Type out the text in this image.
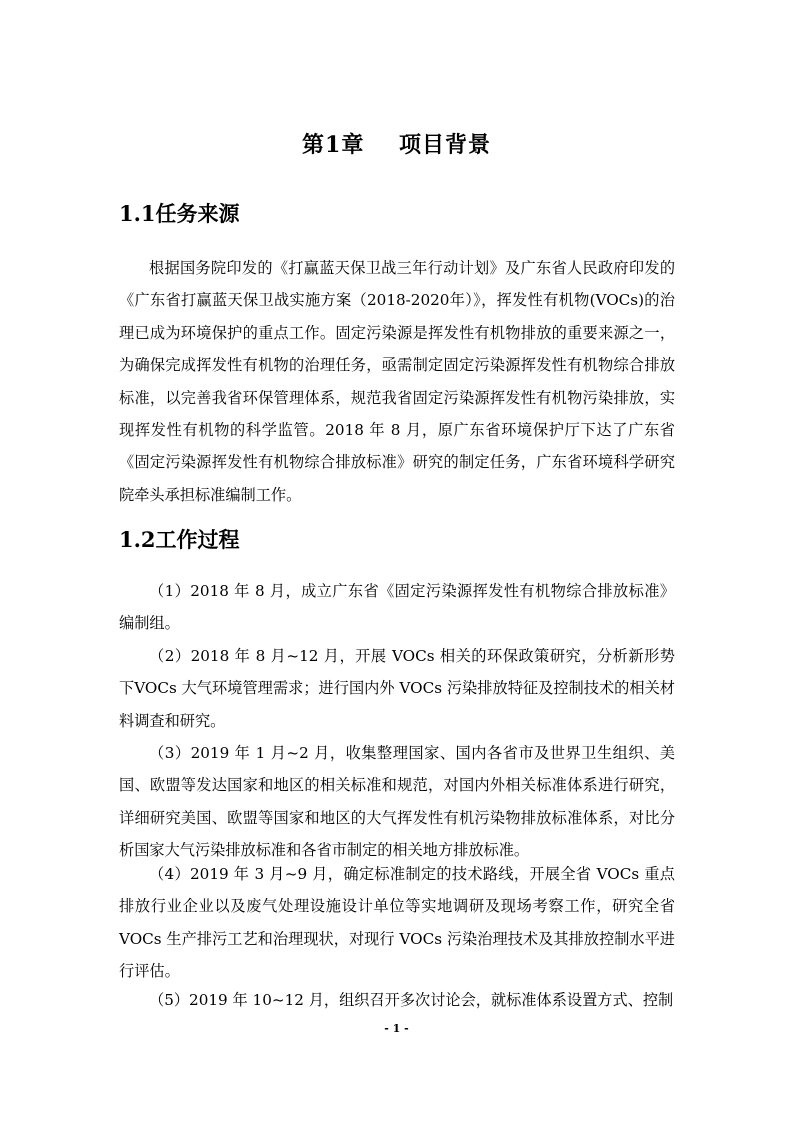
第1章    项目背景
1.1任务来源

根据国务院印发的《打赢蓝天保卫战三年行动计划》及广东省人民政府印发的《广东省打赢蓝天保卫战实施方案（2018-2020年）》，挥发性有机物(VOCs)的治理已成为环境保护的重点工作。固定污染源是挥发性有机物排放的重要来源之一，为确保完成挥发性有机物的治理任务，亟需制定固定污染源挥发性有机物综合排放标准，以完善我省环保管理体系，规范我省固定污染源挥发性有机物污染排放，实现挥发性有机物的科学监管。2018 年 8 月，原广东省环境保护厅下达了广东省《固定污染源挥发性有机物综合排放标准》研究的制定任务，广东省环境科学研究院牵头承担标准编制工作。

1.2工作过程

（1）2018 年 8 月，成立广东省《固定污染源挥发性有机物综合排放标准》编制组。

（2）2018 年 8 月~12 月，开展 VOCs 相关的环保政策研究，分析新形势下VOCs 大气环境管理需求；进行国内外 VOCs 污染排放特征及控制技术的相关材料调查和研究。

（3）2019 年 1 月~2 月，收集整理国家、国内各省市及世界卫生组织、美国、欧盟等发达国家和地区的相关标准和规范，对国内外相关标准体系进行研究，详细研究美国、欧盟等国家和地区的大气挥发性有机污染物排放标准体系，对比分析国家大气污染排放标准和各省市制定的相关地方排放标准。

（4）2019 年 3 月~9 月，确定标准制定的技术路线，开展全省 VOCs 重点排放行业企业以及废气处理设施设计单位等实地调研及现场考察工作，研究全省VOCs 生产排污工艺和治理现状，对现行 VOCs 污染治理技术及其排放控制水平进行评估。

（5）2019 年 10~12 月，组织召开多次讨论会，就标准体系设置方式、控制

- 1 -
